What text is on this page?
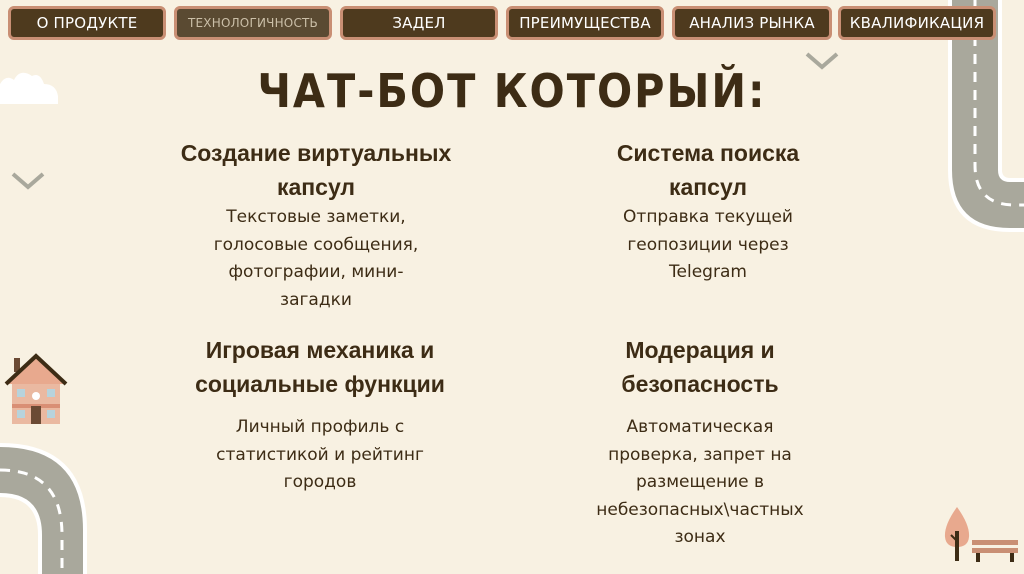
О ПРОДУКТЕ	ТЕХНОЛОГИЧНОСТЬ	ЗАДЕЛ	ПРЕИМУЩЕСТВА	АНАЛИЗ РЫНКА	КВАЛИФИКАЦИЯ
ЧАТ-БОТ КОТОРЫЙ:
Создание виртуальных
капсул

Текстовые заметки,
голосовые сообщения,
фотографии, мини-
загадки

Система поиска
капсул

Отправка текущей
геопозиции через
Telegram

Игровая механика и
социальные функции

Личный профиль с
статистикой и рейтинг
городов

Модерация и
безопасность

Автоматическая
проверка, запрет на
размещение в
небезопасных\частных
зонах
